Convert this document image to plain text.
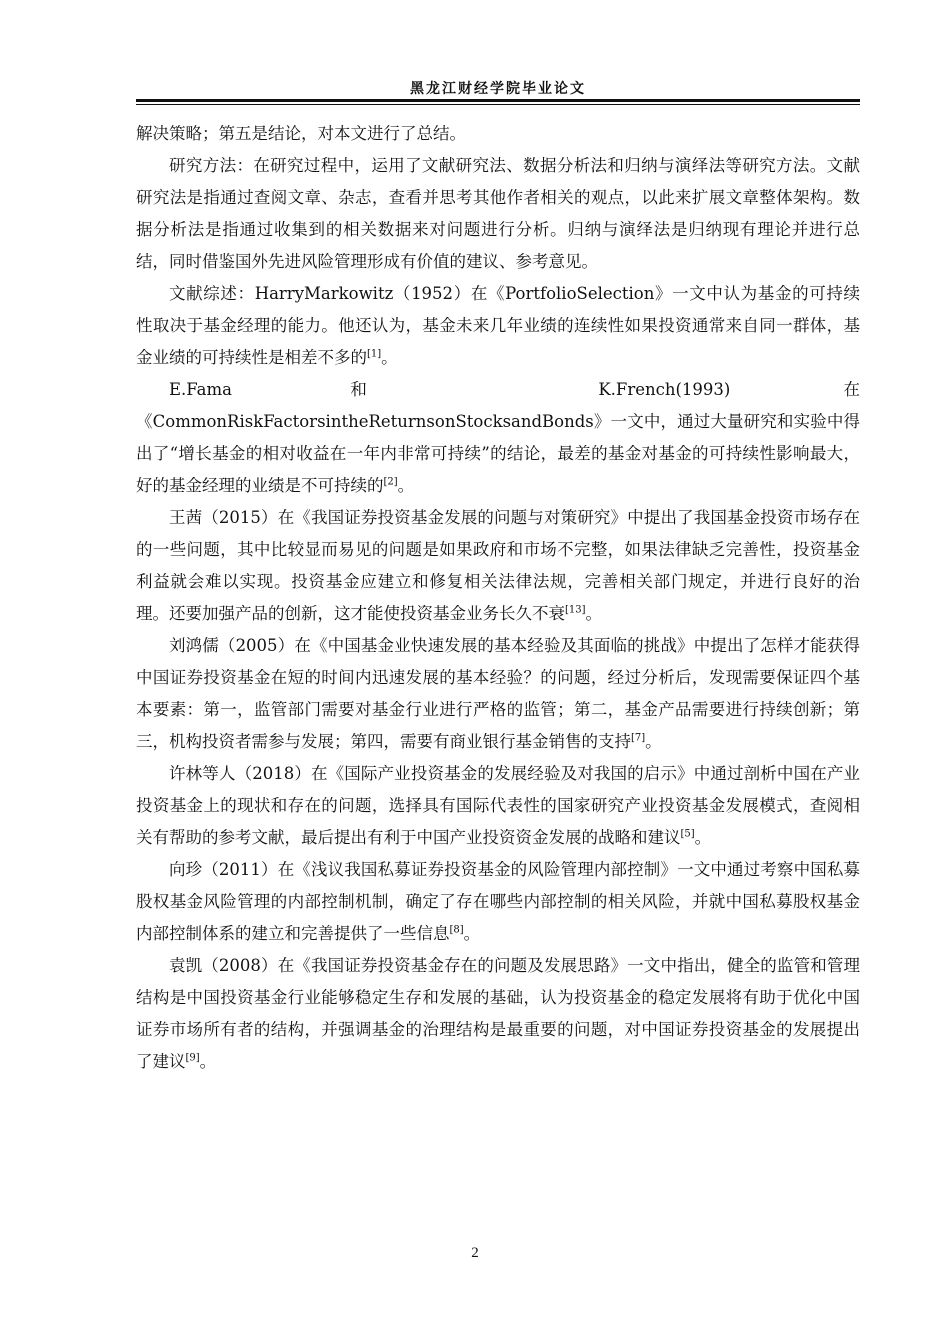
黑龙江财经学院毕业论文

解决策略；第五是结论，对本文进行了总结。

研究方法：在研究过程中，运用了文献研究法、数据分析法和归纳与演绎法等研究方法。文献研究法是指通过查阅文章、杂志，查看并思考其他作者相关的观点，以此来扩展文章整体架构。数据分析法是指通过收集到的相关数据来对问题进行分析。归纳与演绎法是归纳现有理论并进行总结，同时借鉴国外先进风险管理形成有价值的建议、参考意见。

文献综述：HarryMarkowitz（1952）在《PortfolioSelection》一文中认为基金的可持续性取决于基金经理的能力。他还认为，基金未来几年业绩的连续性如果投资通常来自同一群体，基金业绩的可持续性是相差不多的[1]。

E.Fama 和 K.French(1993)在《CommonRiskFactorsintheReturnsonStocksandBonds》一文中，通过大量研究和实验中得出了“增长基金的相对收益在一年内非常可持续”的结论，最差的基金对基金的可持续性影响最大，好的基金经理的业绩是不可持续的[2]。

王茜（2015）在《我国证券投资基金发展的问题与对策研究》中提出了我国基金投资市场存在的一些问题，其中比较显而易见的问题是如果政府和市场不完整，如果法律缺乏完善性，投资基金利益就会难以实现。投资基金应建立和修复相关法律法规，完善相关部门规定，并进行良好的治理。还要加强产品的创新，这才能使投资基金业务长久不衰[13]。

刘鸿儒（2005）在《中国基金业快速发展的基本经验及其面临的挑战》中提出了怎样才能获得中国证券投资基金在短的时间内迅速发展的基本经验？的问题，经过分析后，发现需要保证四个基本要素：第一，监管部门需要对基金行业进行严格的监管；第二，基金产品需要进行持续创新；第三，机构投资者需参与发展；第四，需要有商业银行基金销售的支持[7]。

许林等人（2018）在《国际产业投资基金的发展经验及对我国的启示》中通过剖析中国在产业投资基金上的现状和存在的问题，选择具有国际代表性的国家研究产业投资基金发展模式，查阅相关有帮助的参考文献，最后提出有利于中国产业投资资金发展的战略和建议[5]。

向珍（2011）在《浅议我国私募证券投资基金的风险管理内部控制》一文中通过考察中国私募股权基金风险管理的内部控制机制，确定了存在哪些内部控制的相关风险，并就中国私募股权基金内部控制体系的建立和完善提供了一些信息[8]。

袁凯（2008）在《我国证券投资基金存在的问题及发展思路》一文中指出，健全的监管和管理结构是中国投资基金行业能够稳定生存和发展的基础，认为投资基金的稳定发展将有助于优化中国证券市场所有者的结构，并强调基金的治理结构是最重要的问题，对中国证券投资基金的发展提出了建议[9]。

2
